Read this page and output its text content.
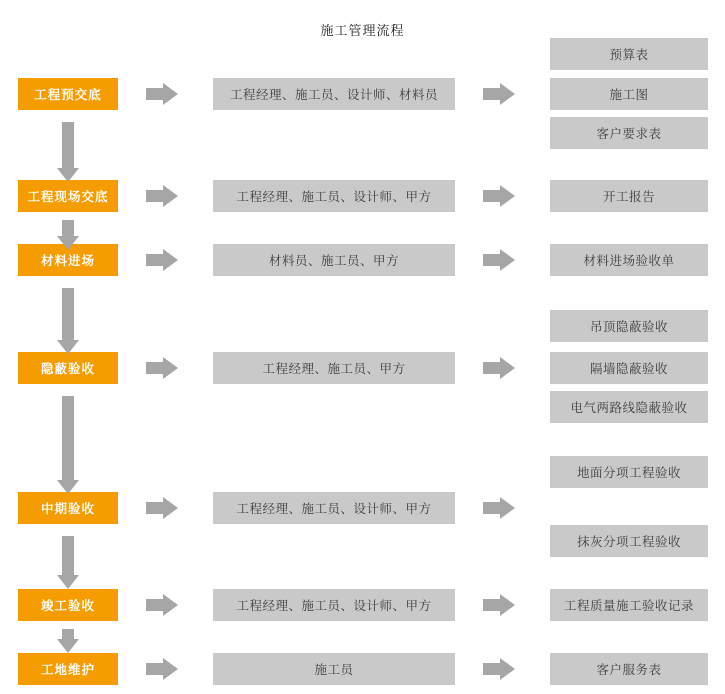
施工管理流程
工程预交底
工程现场交底
材料进场
隐蔽验收
中期验收
竣工验收
工地维护
工程经理、施工员、设计师、材料员
工程经理、施工员、设计师、甲方
材料员、施工员、甲方
工程经理、施工员、甲方
工程经理、施工员、设计师、甲方
工程经理、施工员、设计师、甲方
施工员
预算表
施工图
客户要求表
开工报告
材料进场验收单
吊顶隐蔽验收
隔墙隐蔽验收
电气两路线隐蔽验收
地面分项工程验收
抹灰分项工程验收
工程质量施工验收记录
客户服务表
